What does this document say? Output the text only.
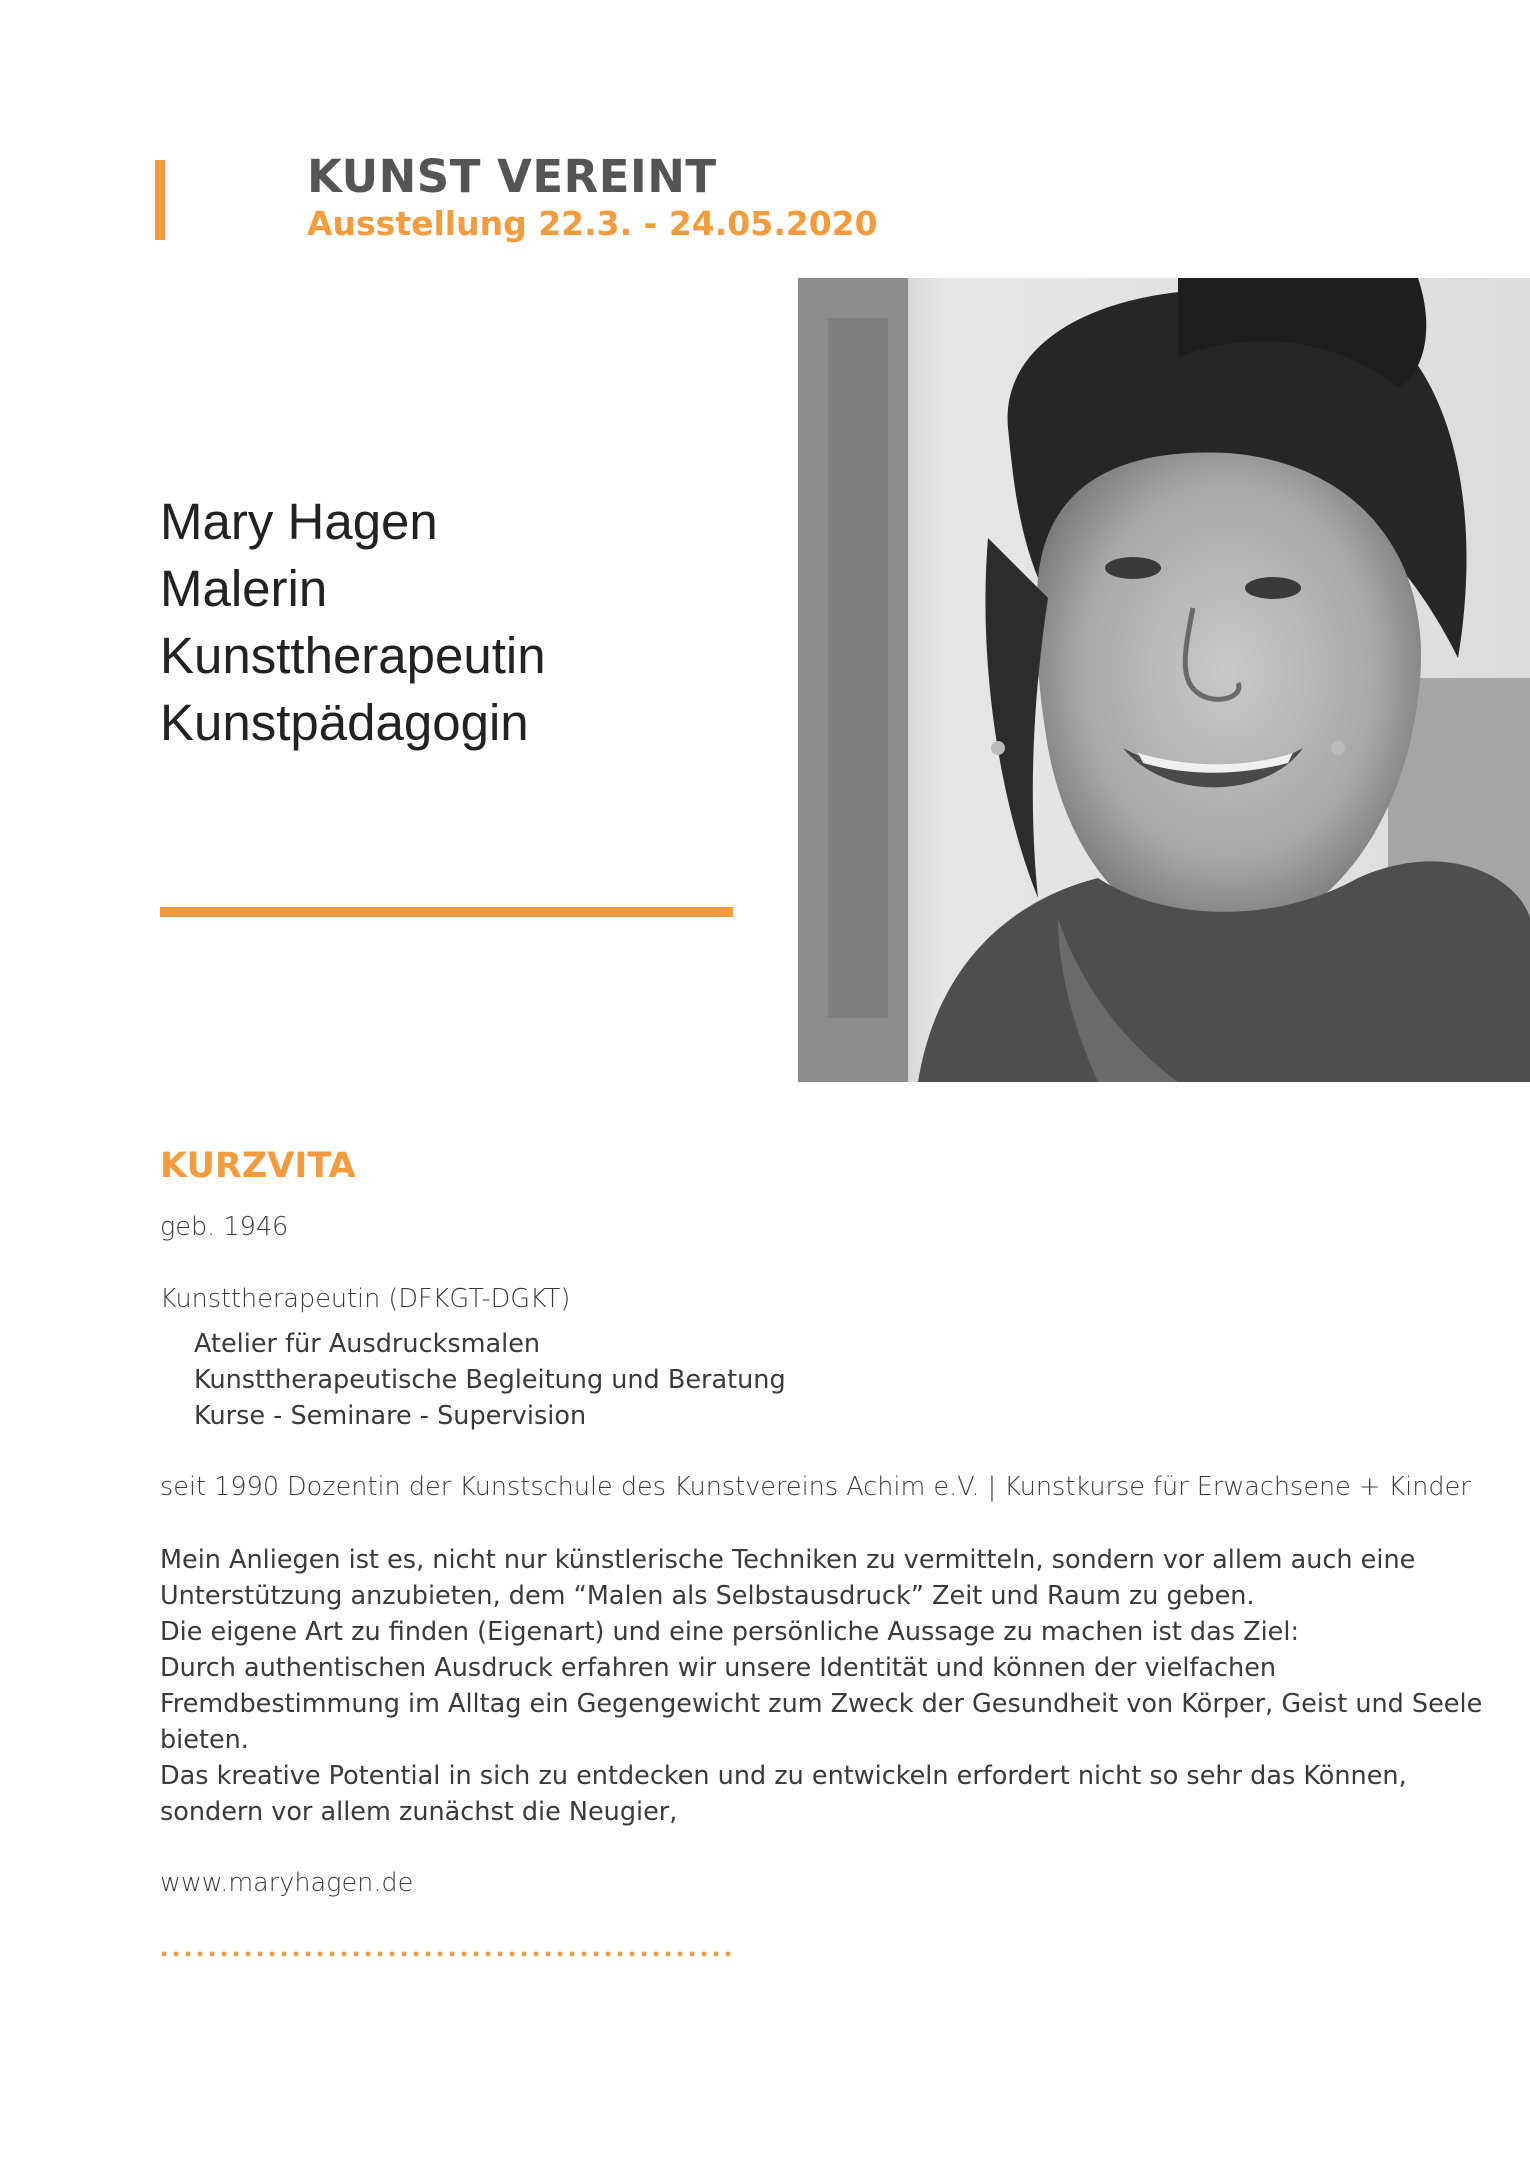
KUNST VEREINT
Ausstellung 22.3. - 24.05.2020
Mary Hagen
Malerin
Kunsttherapeutin
Kunstpädagogin
KURZVITA
geb. 1946
Kunsttherapeutin (DFKGT-DGKT)
Atelier für Ausdrucksmalen
Kunsttherapeutische Begleitung und Beratung
Kurse - Seminare - Supervision
seit 1990 Dozentin der Kunstschule des Kunstvereins Achim e.V. | Kunstkurse für Erwachsene + Kinder
Mein Anliegen ist es, nicht nur künstlerische Techniken zu vermitteln, sondern vor allem auch eine
Unterstützung anzubieten, dem “Malen als Selbstausdruck” Zeit und Raum zu geben.
Die eigene Art zu finden (Eigenart) und eine persönliche Aussage zu machen ist das Ziel:
Durch authentischen Ausdruck erfahren wir unsere Identität und können der vielfachen
Fremdbestimmung im Alltag ein Gegengewicht zum Zweck der Gesundheit von Körper, Geist und Seele
bieten.
Das kreative Potential in sich zu entdecken und zu entwickeln erfordert nicht so sehr das Können,
sondern vor allem zunächst die Neugier,
www.maryhagen.de
